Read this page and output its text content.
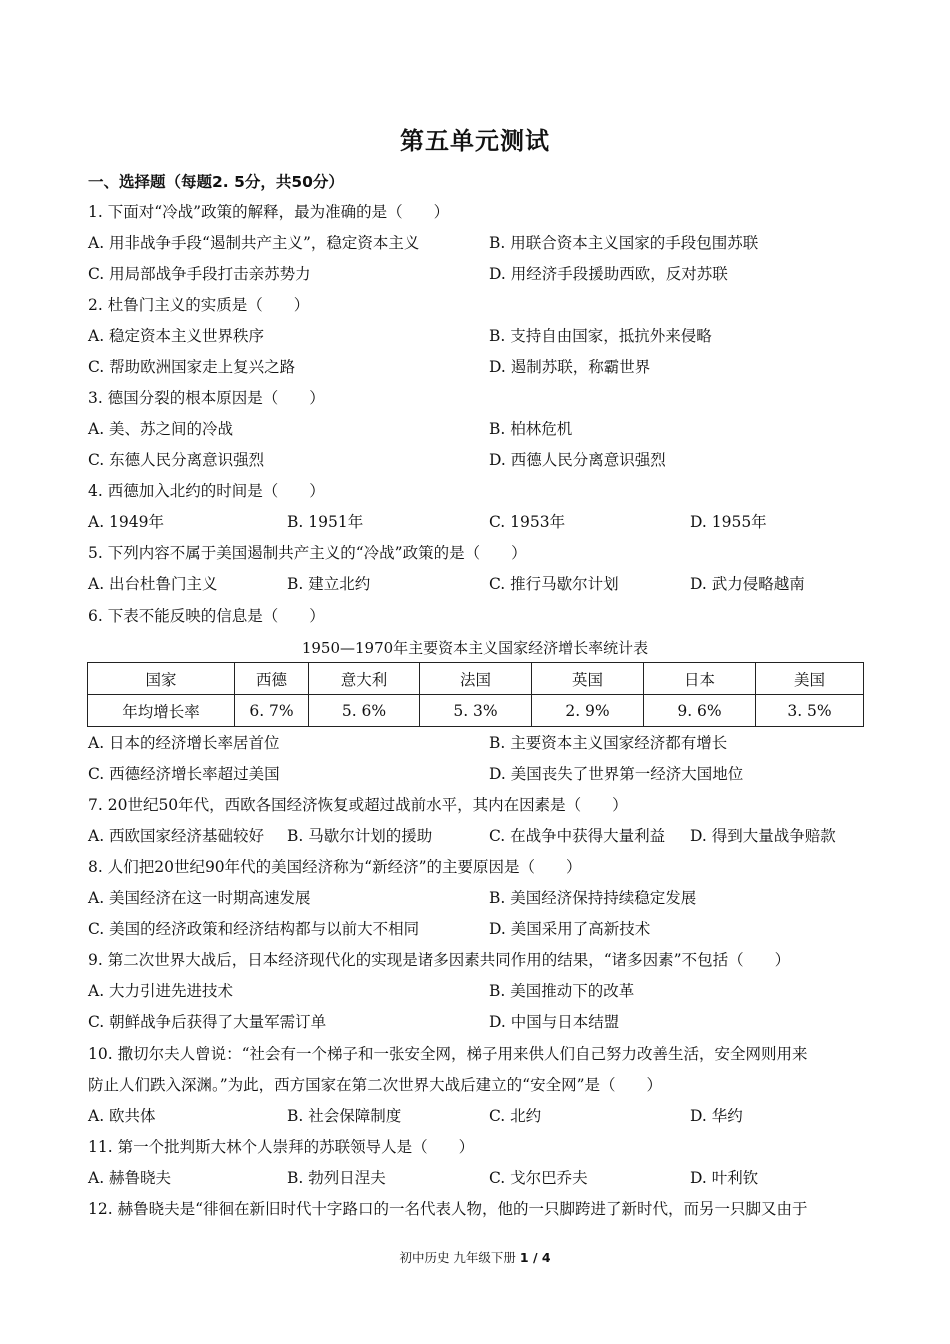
第五单元测试
一、选择题（每题2. 5分，共50分）
1. 下面对“冷战”政策的解释，最为准确的是（　　）
A. 用非战争手段“遏制共产主义”，稳定资本主义	B. 用联合资本主义国家的手段包围苏联
C. 用局部战争手段打击亲苏势力	D. 用经济手段援助西欧，反对苏联
2. 杜鲁门主义的实质是（　　）
A. 稳定资本主义世界秩序	B. 支持自由国家，抵抗外来侵略
C. 帮助欧洲国家走上复兴之路	D. 遏制苏联，称霸世界
3. 德国分裂的根本原因是（　　）
A. 美、苏之间的冷战	B. 柏林危机
C. 东德人民分离意识强烈	D. 西德人民分离意识强烈
4. 西德加入北约的时间是（　　）
A. 1949年	B. 1951年	C. 1953年	D. 1955年
5. 下列内容不属于美国遏制共产主义的“冷战”政策的是（　　）
A. 出台杜鲁门主义	B. 建立北约	C. 推行马歇尔计划	D. 武力侵略越南
6. 下表不能反映的信息是（　　）
1950—1970年主要资本主义国家经济增长率统计表
国家	西德	意大利	法国	英国	日本	美国
年均增长率	6. 7%	5. 6%	5. 3%	2. 9%	9. 6%	3. 5%
A. 日本的经济增长率居首位	B. 主要资本主义国家经济都有增长
C. 西德经济增长率超过美国	D. 美国丧失了世界第一经济大国地位
7. 20世纪50年代，西欧各国经济恢复或超过战前水平，其内在因素是（　　）
A. 西欧国家经济基础较好 B. 马歇尔计划的援助	C. 在战争中获得大量利益 D. 得到大量战争赔款
8. 人们把20世纪90年代的美国经济称为“新经济”的主要原因是（　　）
A. 美国经济在这一时期高速发展	B. 美国经济保持持续稳定发展
C. 美国的经济政策和经济结构都与以前大不相同	D. 美国采用了高新技术
9. 第二次世界大战后，日本经济现代化的实现是诸多因素共同作用的结果，“诸多因素”不包括（　　）
A. 大力引进先进技术	B. 美国推动下的改革
C. 朝鲜战争后获得了大量军需订单	D. 中国与日本结盟
10. 撒切尔夫人曾说：“社会有一个梯子和一张安全网，梯子用来供人们自己努力改善生活，安全网则用来
防止人们跌入深渊。”为此，西方国家在第二次世界大战后建立的“安全网”是（　　）
A. 欧共体	B. 社会保障制度	C. 北约	D. 华约
11. 第一个批判斯大林个人崇拜的苏联领导人是（　　）
A. 赫鲁晓夫	B. 勃列日涅夫	C. 戈尔巴乔夫	D. 叶利钦
12. 赫鲁晓夫是“徘徊在新旧时代十字路口的一名代表人物，他的一只脚跨进了新时代，而另一只脚又由于
初中历史 九年级下册 1 / 4
